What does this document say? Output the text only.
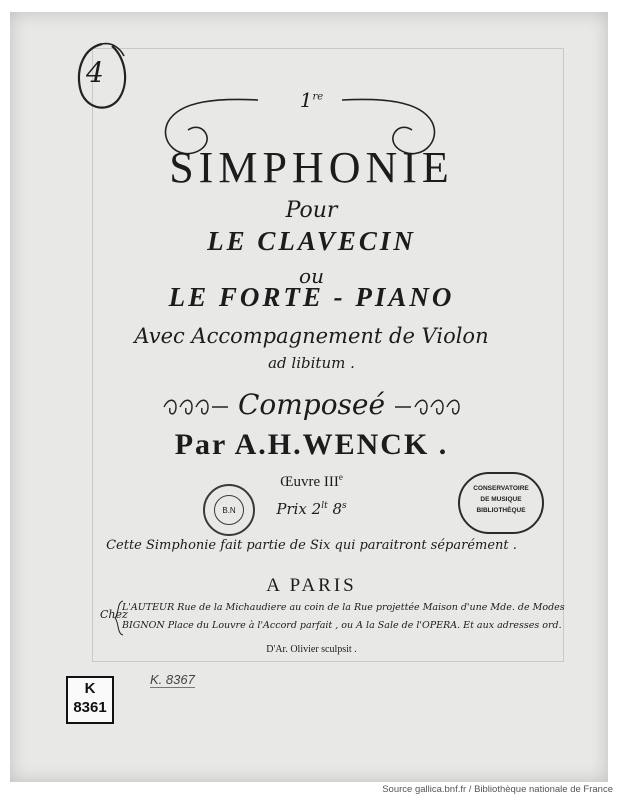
4
1re
SIMPHONIE
Pour
LE CLAVECIN
ou
LE FORTE - PIANO
Avec Accompagnement de Violon
ad libitum .
Composeé
Par A.H.WENCK .
Œuvre IIIe
Prix $2^{lt}$ 8$^s$
B.N
CONSERVATOIRE
DE MUSIQUE
BIBLIOTHÈQUE
Cette Simphonie fait partie de Six qui paraitront séparément .
A PARIS
Chez
L'AUTEUR Rue de la Michaudiere au coin de la Rue projettée Maison d'une Mde. de Modes
BIGNON Place du Louvre à l'Accord parfait , ou A la Sale de l'OPERA. Et aux adresses ord.
D'Ar. Olivier sculpsit .
K
8361
K. 8367
Source gallica.bnf.fr / Bibliothèque nationale de France
